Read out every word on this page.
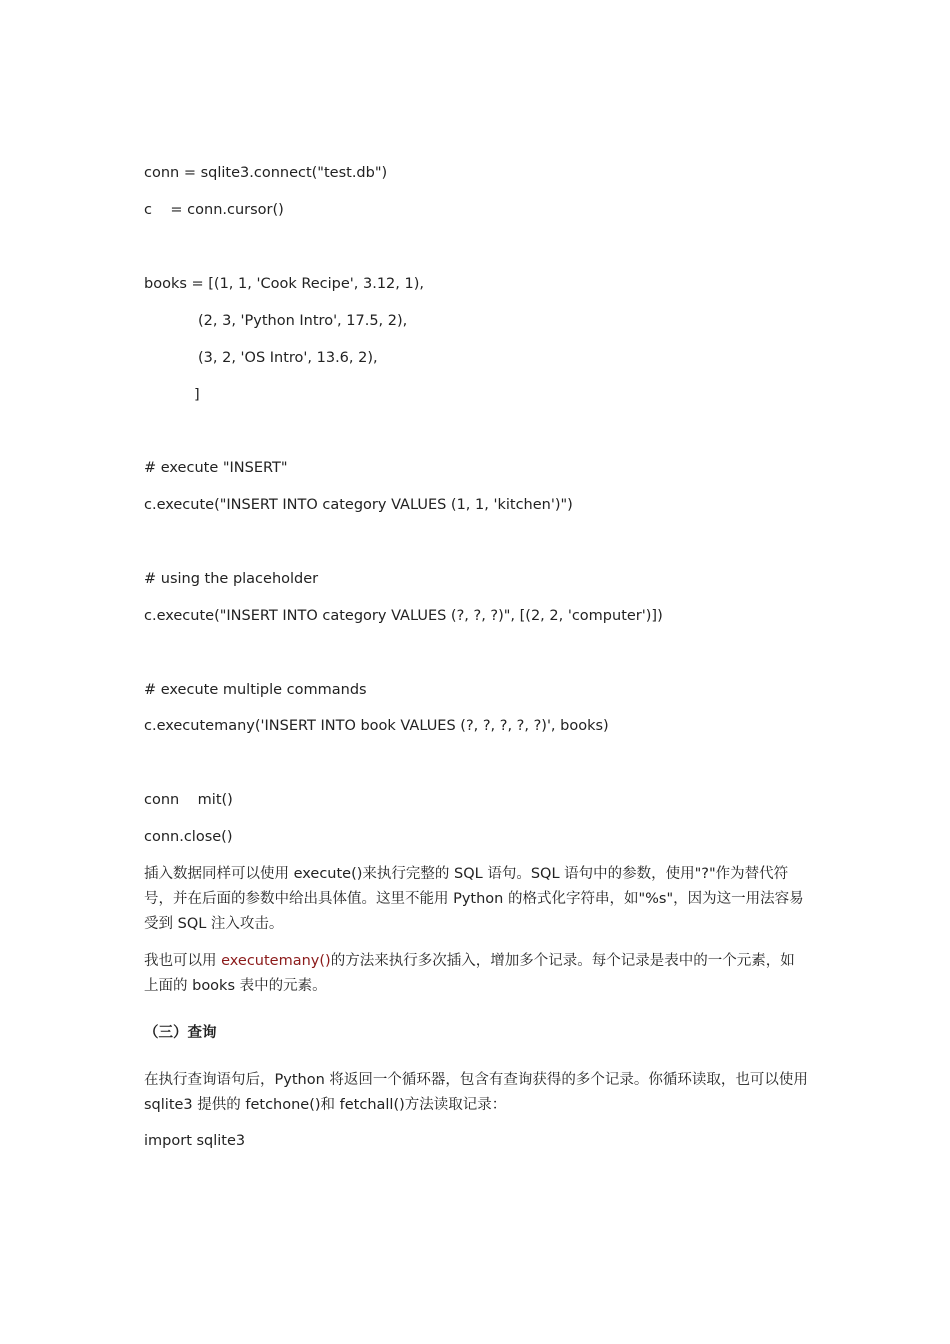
conn = sqlite3.connect("test.db")
c    = conn.cursor()
books = [(1, 1, 'Cook Recipe', 3.12, 1),
(2, 3, 'Python Intro', 17.5, 2),
(3, 2, 'OS Intro', 13.6, 2),
]
# execute "INSERT"
c.execute("INSERT INTO category VALUES (1, 1, 'kitchen')")
# using the placeholder
c.execute("INSERT INTO category VALUES (?, ?, ?)", [(2, 2, 'computer')])
# execute multiple commands
c.executemany('INSERT INTO book VALUES (?, ?, ?, ?, ?)', books)
conn    mit()
conn.close()
插入数据同样可以使用 execute()来执行完整的 SQL 语句。SQL 语句中的参数，使用"?"作为替代符号，并在后面的参数中给出具体值。这里不能用 Python 的格式化字符串，如"%s"，因为这一用法容易受到 SQL 注入攻击。
我也可以用 executemany()的方法来执行多次插入，增加多个记录。每个记录是表中的一个元素，如上面的 books 表中的元素。
（三）查询
在执行查询语句后，Python 将返回一个循环器，包含有查询获得的多个记录。你循环读取，也可以使用 sqlite3 提供的 fetchone()和 fetchall()方法读取记录：
import sqlite3
